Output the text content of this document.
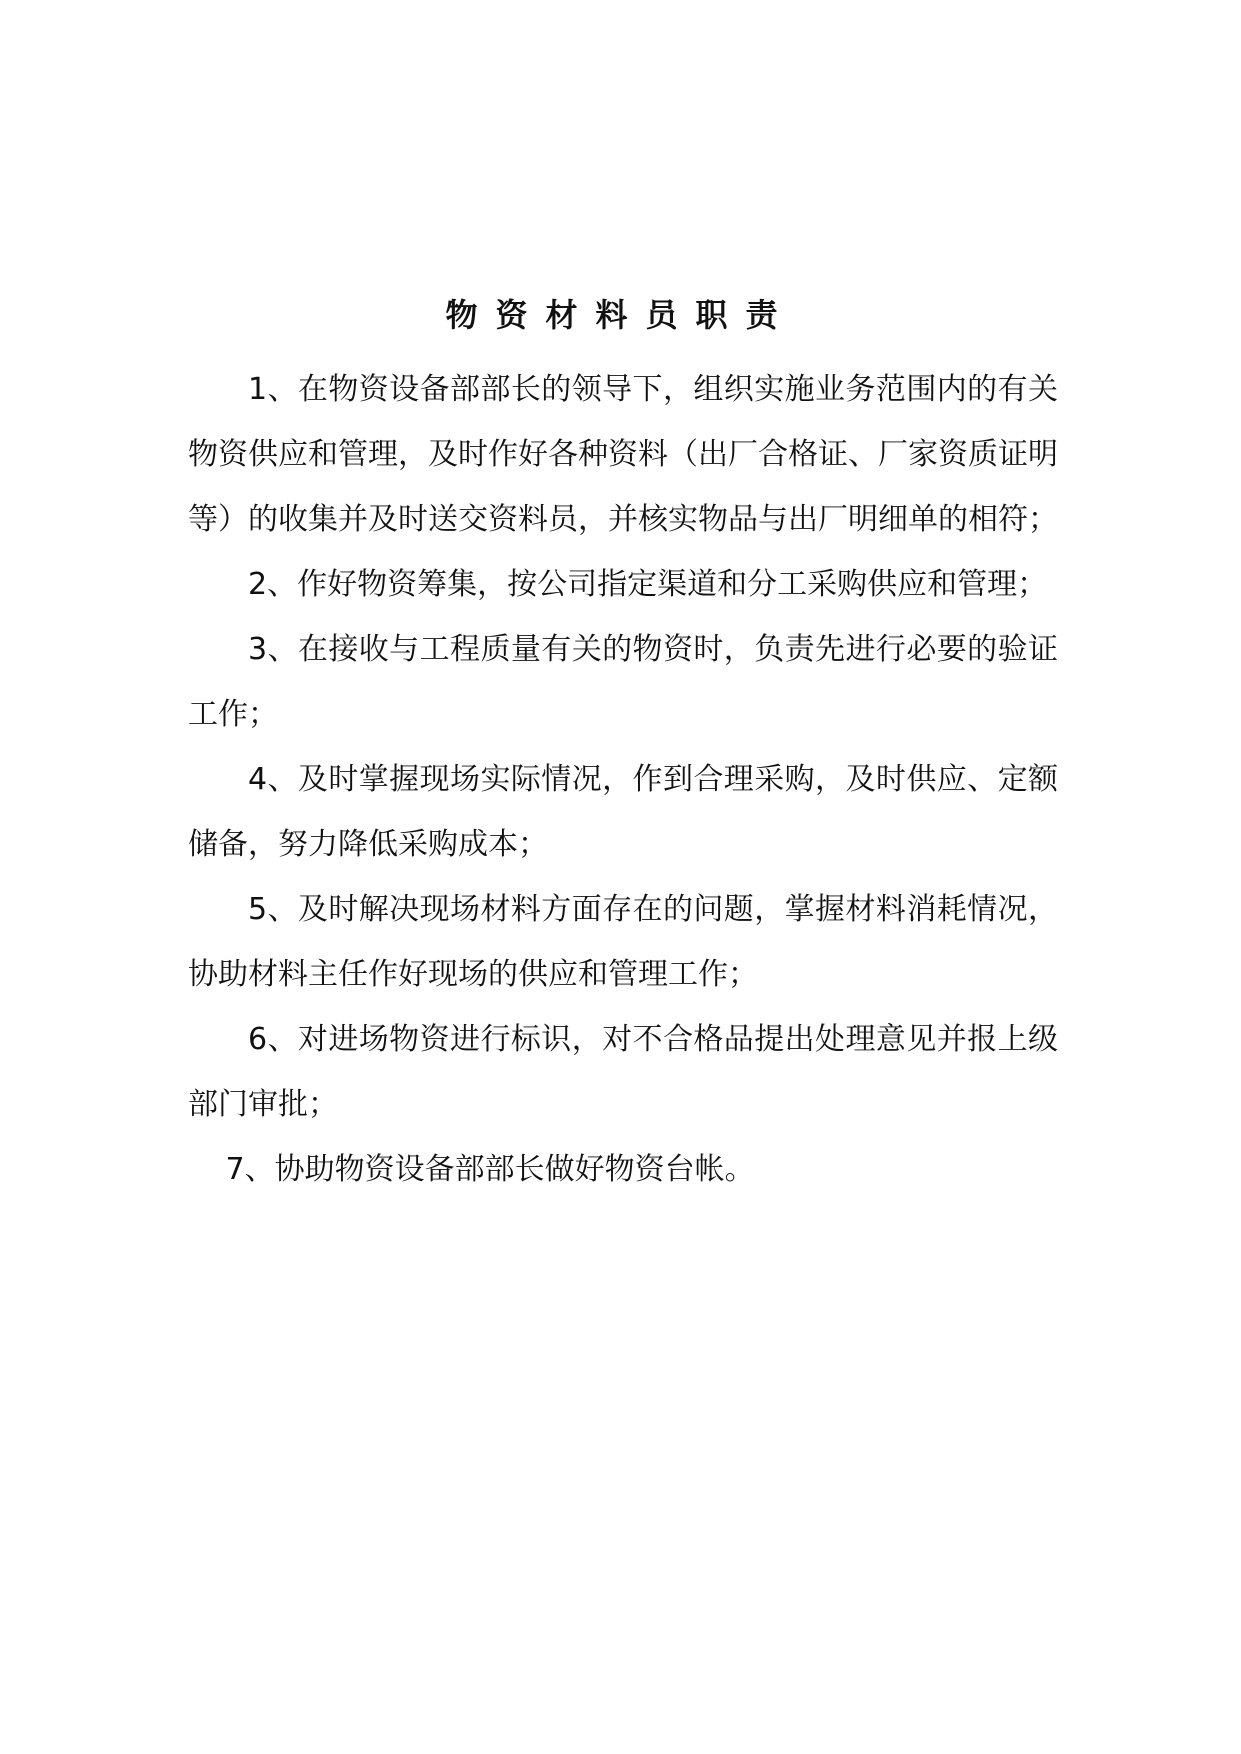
物资材料员职责

1、在物资设备部部长的领导下，组织实施业务范围内的有关物资供应和管理，及时作好各种资料（出厂合格证、厂家资质证明等）的收集并及时送交资料员，并核实物品与出厂明细单的相符；

2、作好物资筹集，按公司指定渠道和分工采购供应和管理；

3、在接收与工程质量有关的物资时，负责先进行必要的验证工作；

4、及时掌握现场实际情况，作到合理采购，及时供应、定额储备，努力降低采购成本；

5、及时解决现场材料方面存在的问题，掌握材料消耗情况，协助材料主任作好现场的供应和管理工作；

6、对进场物资进行标识，对不合格品提出处理意见并报上级部门审批；

7、协助物资设备部部长做好物资台帐。
